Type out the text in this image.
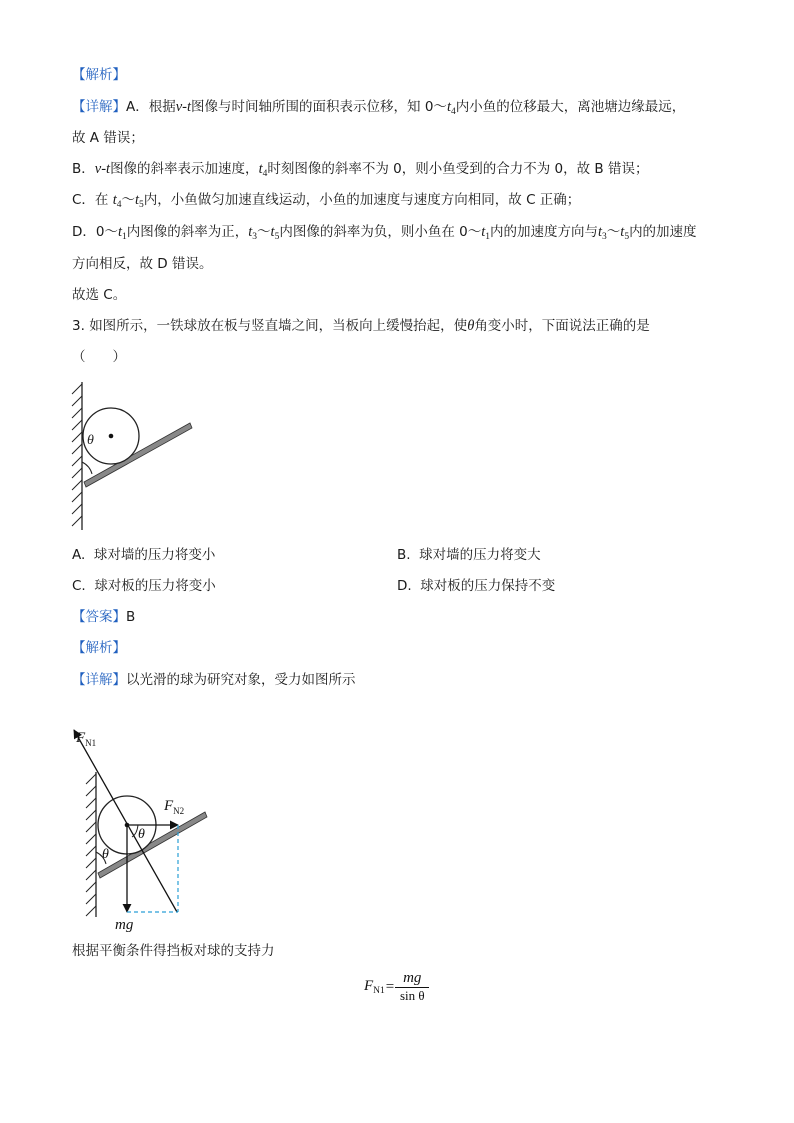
【解析】
【详解】A．根据v-t图像与时间轴所围的面积表示位移，知 $0\sim t_4$内小鱼的位移最大，离池塘边缘最远，
故 A 错误；
B．v-t图像的斜率表示加速度，$t_4$时刻图像的斜率不为 0，则小鱼受到的合力不为 0，故 B 错误；
C．在 $t_4\sim t_5$内，小鱼做匀加速直线运动，小鱼的加速度与速度方向相同，故 C 正确；
D．$0\sim t_1$内图像的斜率为正，$t_3\sim t_5$内图像的斜率为负，则小鱼在 $0\sim t_1$内的加速度方向与$t_3\sim t_5$内的加速度
方向相反，故 D 错误。
故选 C。
3. 如图所示，一铁球放在板与竖直墙之间，当板向上缓慢抬起，使θ角变小时，下面说法正确的是
（　　）
θ
A. 球对墙的压力将变小	B. 球对墙的压力将变大
C. 球对板的压力将变小	D. 球对板的压力保持不变
【答案】B
【解析】
【详解】以光滑的球为研究对象，受力如图所示
$F_{N1}$
$F_{N2}$
θ
θ
mg
根据平衡条件得挡板对球的支持力
$F_{N1}$ =
mg
sin θ
